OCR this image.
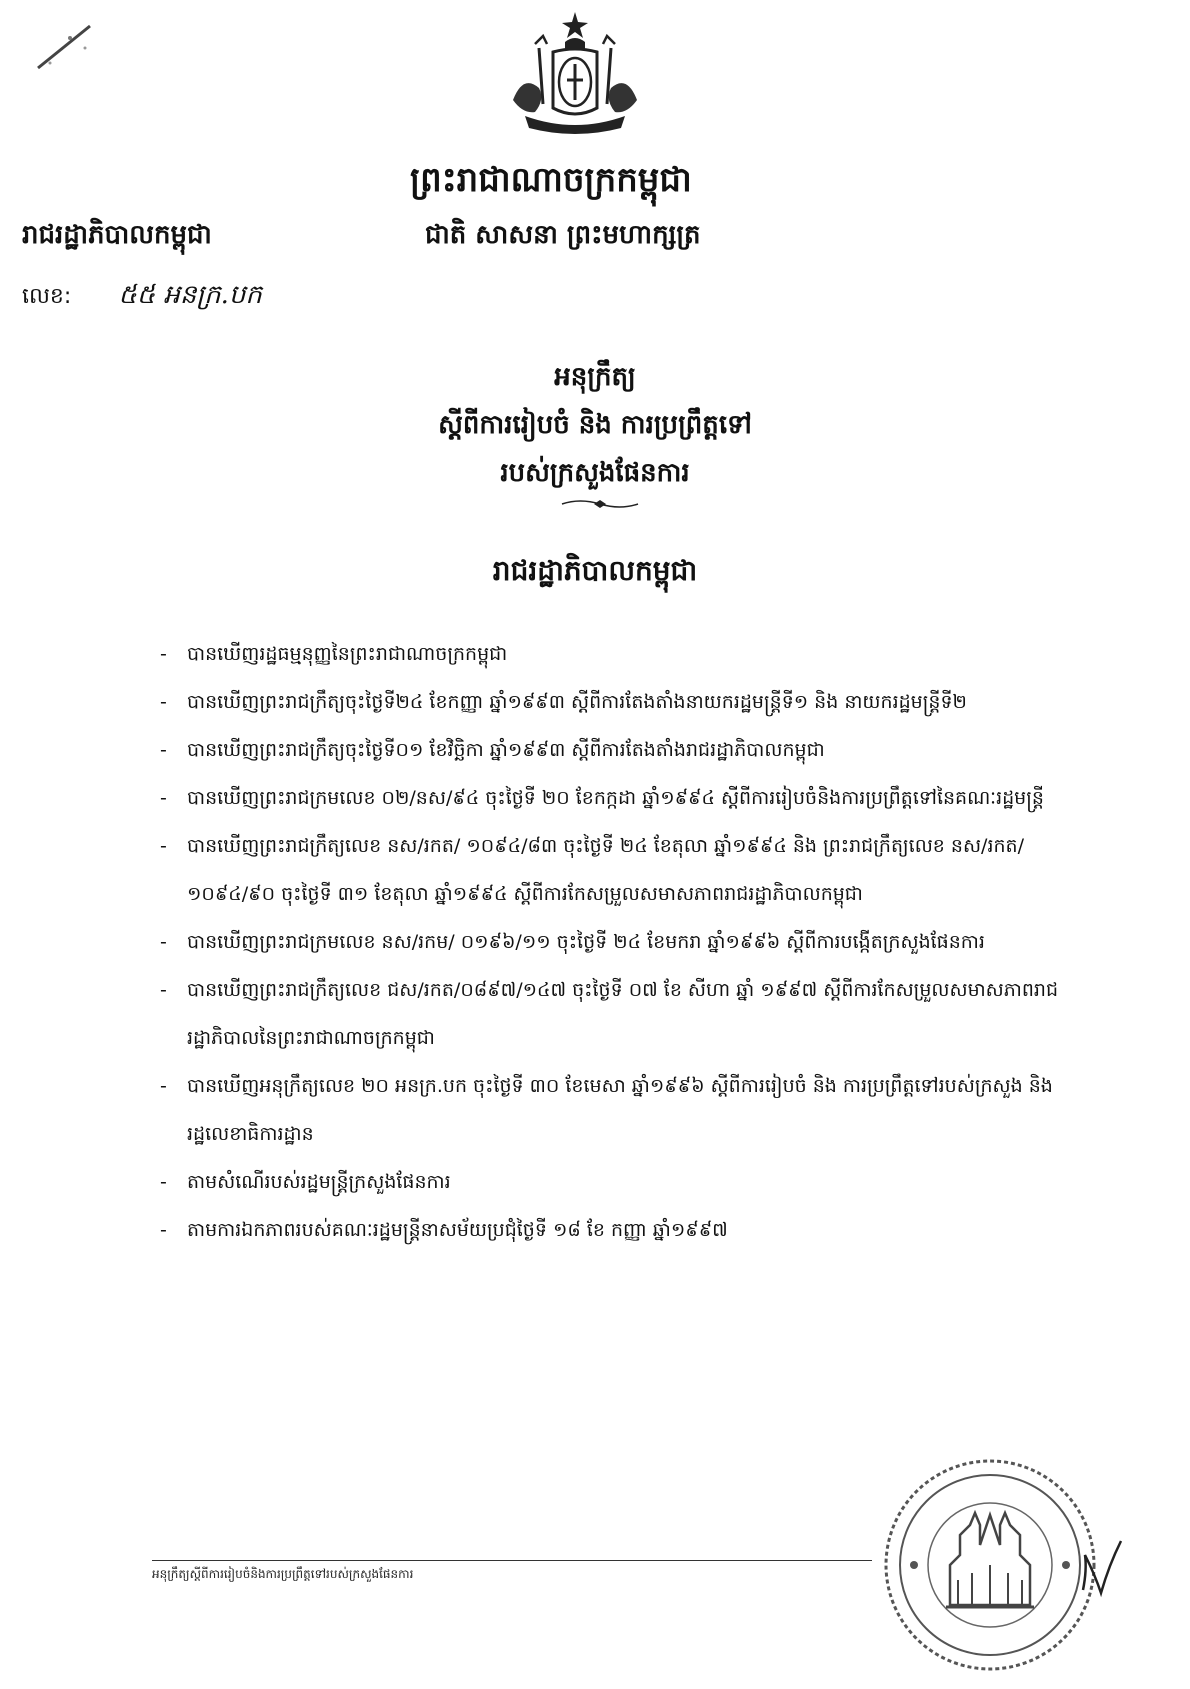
ព្រះរាជាណាចក្រកម្ពុជា
ជាតិ សាសនា ព្រះមហាក្សត្រ
រាជរដ្ឋាភិបាលកម្ពុជា
លេខ: ៥៥ អនក្រ.បក
អនុក្រឹត្យ
ស្តីពីការរៀបចំ និង ការប្រព្រឹត្តទៅ
របស់ក្រសួងផែនការ
រាជរដ្ឋាភិបាលកម្ពុជា
- បានឃើញរដ្ឋធម្មនុញ្ញនៃព្រះរាជាណាចក្រកម្ពុជា
- បានឃើញព្រះរាជក្រឹត្យចុះថ្ងៃទី២៤ ខែកញ្ញា ឆ្នាំ១៩៩៣ ស្តីពីការតែងតាំងនាយករដ្ឋមន្ត្រីទី១ និង នាយករដ្ឋមន្ត្រីទី២
- បានឃើញព្រះរាជក្រឹត្យចុះថ្ងៃទី០១ ខែវិច្ឆិកា ឆ្នាំ១៩៩៣ ស្តីពីការតែងតាំងរាជរដ្ឋាភិបាលកម្ពុជា
- បានឃើញព្រះរាជក្រមលេខ ០២/នស/៩៤ ចុះថ្ងៃទី ២០ ខែកក្កដា ឆ្នាំ១៩៩៤ ស្តីពីការរៀបចំនិងការប្រព្រឹត្តទៅនៃគណៈរដ្ឋមន្ត្រី
- បានឃើញព្រះរាជក្រឹត្យលេខ នស/រកត/ ១០៩៤/៨៣ ចុះថ្ងៃទី ២៤ ខែតុលា ឆ្នាំ១៩៩៤ និង ព្រះរាជក្រឹត្យលេខ នស/រកត/ ១០៩៤/៩០ ចុះថ្ងៃទី ៣១ ខែតុលា ឆ្នាំ១៩៩៤ ស្តីពីការកែសម្រួលសមាសភាពរាជរដ្ឋាភិបាលកម្ពុជា
- បានឃើញព្រះរាជក្រមលេខ នស/រកម/ ០១៩៦/១១ ចុះថ្ងៃទី ២៤ ខែមករា ឆ្នាំ១៩៩៦ ស្តីពីការបង្កើតក្រសួងផែនការ
- បានឃើញព្រះរាជក្រឹត្យលេខ ជស/រកត/០៨៩៧/១៤៧ ចុះថ្ងៃទី ០៧ ខែ សីហា ឆ្នាំ ១៩៩៧ ស្តីពីការកែសម្រួលសមាសភាពរាជរដ្ឋាភិបាលនៃព្រះរាជាណាចក្រកម្ពុជា
- បានឃើញអនុក្រឹត្យលេខ ២០ អនក្រ.បក ចុះថ្ងៃទី ៣០ ខែមេសា ឆ្នាំ១៩៩៦ ស្តីពីការរៀបចំ និង ការប្រព្រឹត្តទៅរបស់ក្រសួង និង រដ្ឋលេខាធិការដ្ឋាន
- តាមសំណើរបស់រដ្ឋមន្ត្រីក្រសួងផែនការ
- តាមការឯកភាពរបស់គណៈរដ្ឋមន្ត្រីនាសម័យប្រជុំថ្ងៃទី ១៨ ខែ កញ្ញា ឆ្នាំ១៩៩៧
អនុក្រឹត្យស្តីពីការរៀបចំនិងការប្រព្រឹត្តទៅរបស់ក្រសួងផែនការ
